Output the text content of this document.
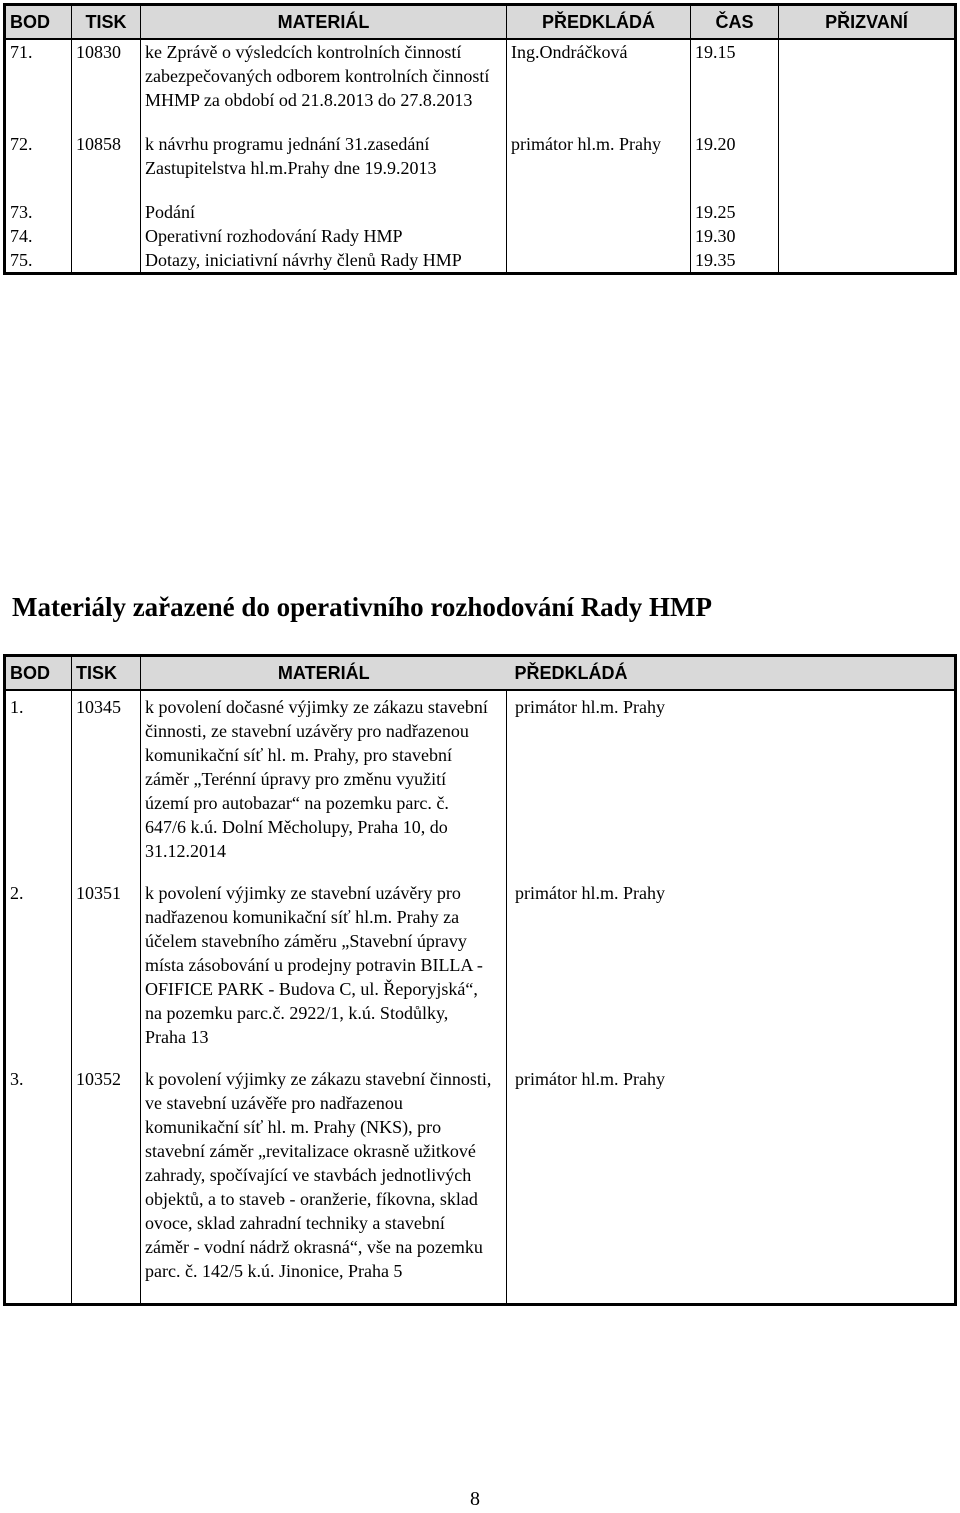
BOD	TISK	MATERIÁL	PŘEDKLÁDÁ	ČAS	PŘIZVANÍ
71.	10830	ke Zprávě o výsledcích kontrolních činností zabezpečovaných odborem kontrolních činností MHMP za období od 21.8.2013 do 27.8.2013	Ing.Ondráčková	19.15	

72.	10858	k návrhu programu jednání 31.zasedání Zastupitelstva hl.m.Prahy dne 19.9.2013	primátor hl.m. Prahy	19.20	

73.		Podání		19.25	
74.		Operativní rozhodování Rady HMP		19.30	
75.		Dotazy, iniciativní návrhy členů Rady HMP		19.35	
Materiály zařazené do operativního rozhodování Rady HMP
BOD	TISK	MATERIÁL	PŘEDKLÁDÁ

1.	10345	k povolení dočasné výjimky ze zákazu stavební činnosti, ze stavební uzávěry pro nadřazenou komunikační síť hl. m. Prahy, pro stavební záměr „Terénní úpravy pro změnu využití území pro autobazar“ na pozemku parc. č. 647/6 k.ú. Dolní Měcholupy, Praha 10, do 31.12.2014	primátor hl.m. Prahy

2.	10351	k povolení výjimky ze stavební uzávěry pro nadřazenou komunikační síť hl.m. Prahy za účelem stavebního záměru „Stavební úpravy místa zásobování u prodejny potravin BILLA - OFIFICE PARK - Budova C, ul. Řeporyjská“, na pozemku parc.č. 2922/1, k.ú. Stodůlky, Praha 13	primátor hl.m. Prahy

3.	10352	k povolení výjimky ze zákazu stavební činnosti, ve stavební uzávěře pro nadřazenou komunikační síť hl. m. Prahy (NKS), pro stavební záměr „revitalizace okrasně užitkové zahrady, spočívající ve stavbách jednotlivých objektů, a to staveb - oranžerie, fíkovna, sklad ovoce, sklad zahradní techniky a stavební záměr - vodní nádrž okrasná“, vše na pozemku parc. č. 142/5 k.ú. Jinonice, Praha 5	primátor hl.m. Prahy

8
